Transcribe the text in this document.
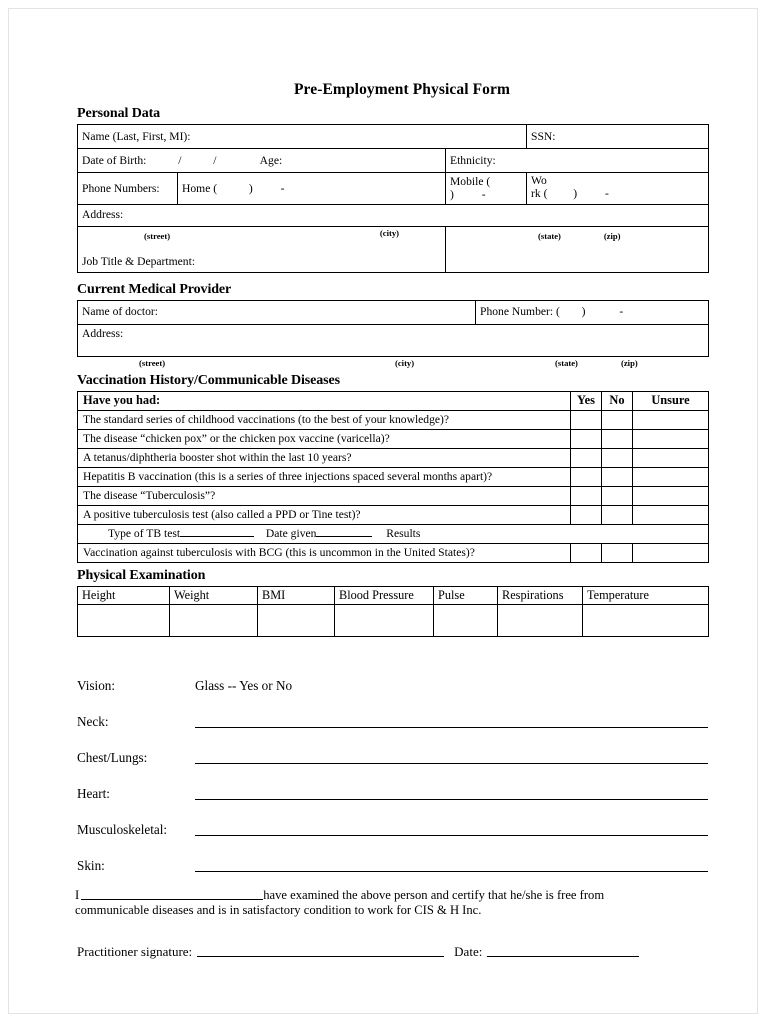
Pre-Employment Physical Form
Personal Data
Name (Last, First, MI):			SSN:
Date of Birth: / / Age:		Ethnicity:	
Phone Numbers:	Home ( ) -	Mobile (  ) -	Wo
rk ( ) -

Address:			
(street) (city)		(state) (zip)	
Job Title & Department:			
Current Medical Provider
Name of doctor:	Phone Number: ( )	-
Address:
(street)	(city)	(state)	(zip)
Vaccination History/Communicable Diseases
Have you had:	Yes	No	Unsure
The standard series of childhood vaccinations (to the best of your knowledge)?			
The disease “chicken pox” or the chicken pox vaccine (varicella)?			
A tetanus/diphtheria booster shot within the last 10 years?			
Hepatitis B vaccination (this is a series of three injections spaced several months apart)?			
The disease “Tuberculosis”?			
A positive tuberculosis test (also called a PPD or Tine test)?			
Type of TB test Date given Results			
Vaccination against tuberculosis with BCG (this is uncommon in the United States)?			
Physical Examination
Height	Weight	BMI	Blood Pressure	Pulse	Respirations	Temperature

Vision:	Glass -- Yes or No
Neck:
Chest/Lungs:
Heart:
Musculoskeletal:
Skin:
I	have examined the above person and certify that he/she is free from
communicable diseases and is in satisfactory condition to work for CIS & H Inc.
Practitioner signature:	Date:
